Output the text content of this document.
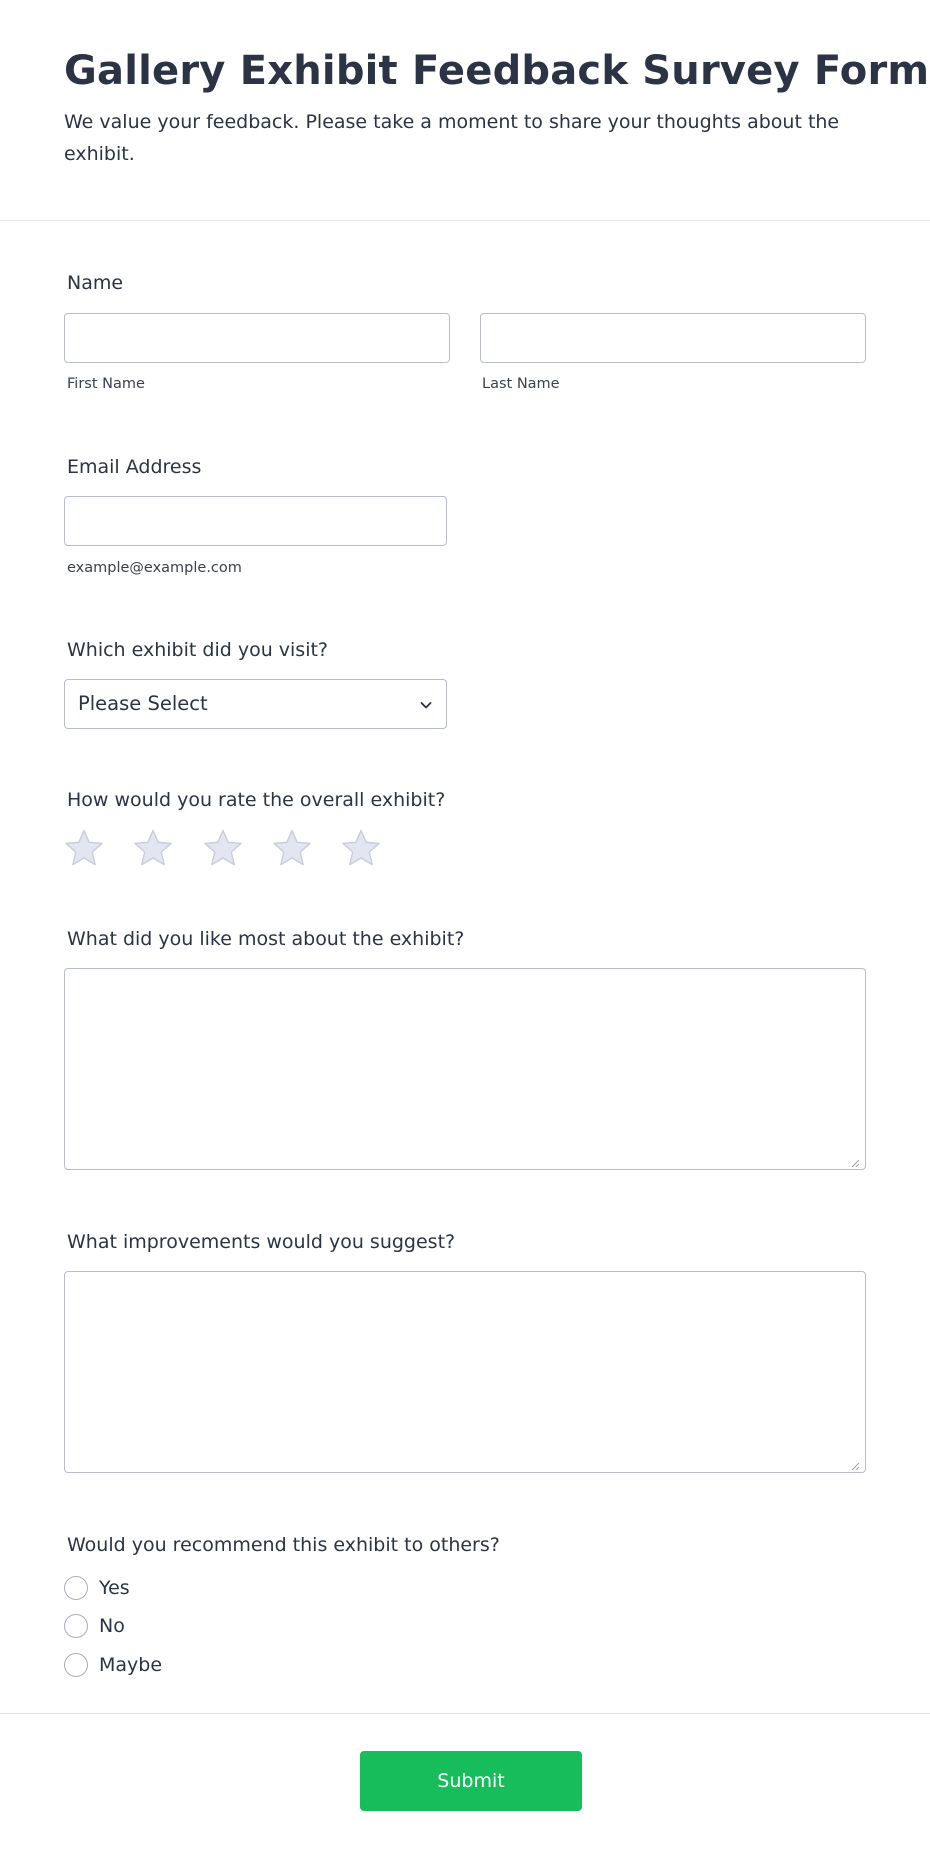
Gallery Exhibit Feedback Survey Form

We value your feedback. Please take a moment to share your thoughts about the exhibit.

Name
First Name	Last Name
Email Address
example@example.com
Which exhibit did you visit?
Please Select
How would you rate the overall exhibit?
What did you like most about the exhibit?
What improvements would you suggest?
Would you recommend this exhibit to others?
Yes
No
Maybe
Submit
